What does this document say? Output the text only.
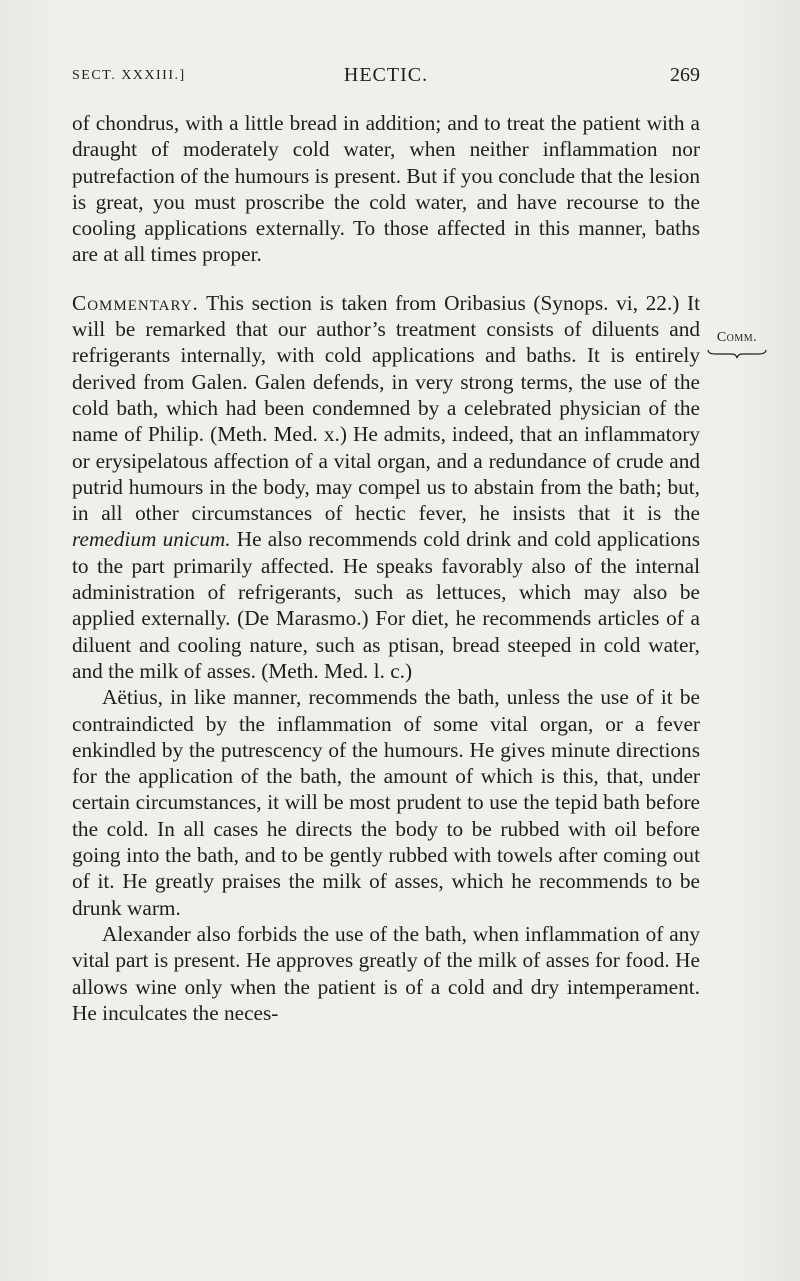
SECT. XXXIII.]	HECTIC.	269

of chondrus, with a little bread in addition; and to treat the patient with a draught of moderately cold water, when neither inflammation nor putrefaction of the humours is present. But if you conclude that the lesion is great, you must proscribe the cold water, and have recourse to the cooling applications externally. To those affected in this manner, baths are at all times proper.

Commentary. This section is taken from Oribasius (Synops. vi, 22.) It will be remarked that our author’s treatment consists of diluents and refrigerants internally, with cold applications and baths. It is entirely derived from Galen. Galen defends, in very strong terms, the use of the cold bath, which had been condemned by a celebrated physician of the name of Philip. (Meth. Med. x.) He admits, indeed, that an inflammatory or erysipelatous affection of a vital organ, and a redundance of crude and putrid humours in the body, may compel us to abstain from the bath; but, in all other circumstances of hectic fever, he insists that it is the remedium unicum. He also recommends cold drink and cold applications to the part primarily affected. He speaks favorably also of the internal administration of refrigerants, such as lettuces, which may also be applied externally. (De Marasmo.) For diet, he recommends articles of a diluent and cooling nature, such as ptisan, bread steeped in cold water, and the milk of asses. (Meth. Med. l. c.)

Aëtius, in like manner, recommends the bath, unless the use of it be contraindicted by the inflammation of some vital organ, or a fever enkindled by the putrescency of the humours. He gives minute directions for the application of the bath, the amount of which is this, that, under certain circumstances, it will be most prudent to use the tepid bath before the cold. In all cases he directs the body to be rubbed with oil before going into the bath, and to be gently rubbed with towels after coming out of it. He greatly praises the milk of asses, which he recommends to be drunk warm.

Alexander also forbids the use of the bath, when inflammation of any vital part is present. He approves greatly of the milk of asses for food. He allows wine only when the patient is of a cold and dry intemperament. He inculcates the neces-

Comm.
